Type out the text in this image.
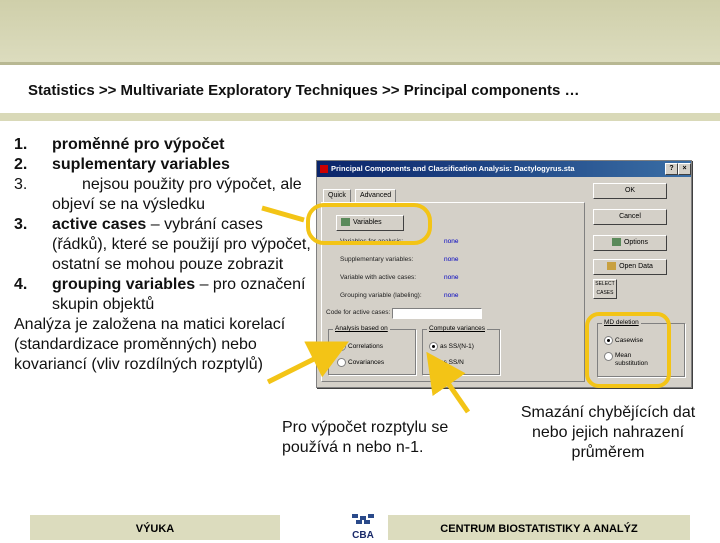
Statistics >> Multivariate Exploratory Techniques >> Principal components …
1. proměnné pro výpočet
2. suplementary variables
3.	nejsou použity pro výpočet, ale objeví se na výsledku
3. active cases – vybrání cases (řádků), které se použijí pro výpočet, ostatní se mohou pouze zobrazit
4. grouping variables – pro označení skupin objektů
Analýza je založena na matici korelací (standardizace proměnných) nebo kovariancí (vliv rozdílných rozptylů)
Principal Components and Classification Analysis: Dactylogyrus.sta	?	×
Quick	Advanced
Variables
Variables for analysis:	none
Supplementary variables:	none
Variable with active cases:	none
Grouping variable (labeling):	none
Code for active cases:
Analysis based on
Correlations
Covariances
Compute variances
as SS/(N-1)
as SS/N
OK
Cancel
Options
Open Data
SELECT CASES
MD deletion
Casewise
Mean substitution
Pro výpočet rozptylu se používá n nebo n-1.
Smazání chybějících dat nebo jejich nahrazení průměrem
VÝUKA
CBA
CENTRUM BIOSTATISTIKY A ANALÝZ
